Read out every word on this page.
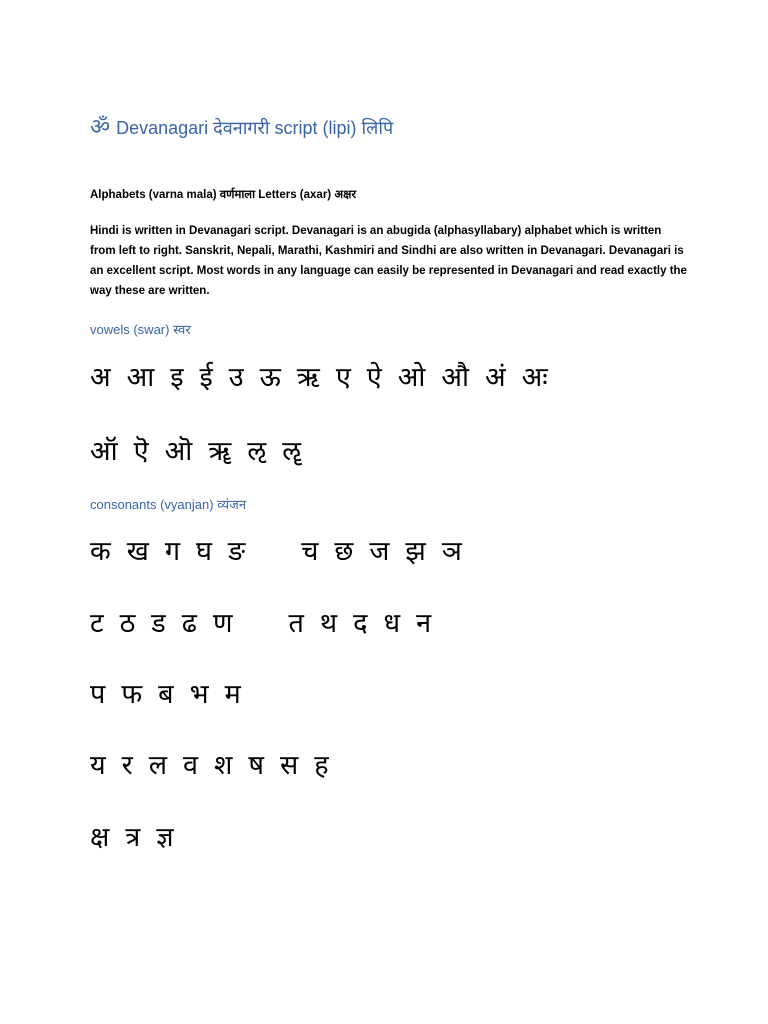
ॐ Devanagari देवनागरी script (lipi) लिपि
Alphabets (varna mala) वर्णमाला Letters (axar) अक्षर
Hindi is written in Devanagari script. Devanagari is an abugida (alphasyllabary) alphabet which is written from left to right. Sanskrit, Nepali, Marathi, Kashmiri and Sindhi are also written in Devanagari. Devanagari is an excellent script. Most words in any language can easily be represented in Devanagari and read exactly the way these are written.
vowels (swar) स्वर
अ आ इ ई उ ऊ ऋ ए ऐ ओ औ अं अः
ऑ ऎ ऒ ॠ ऌ ॡ
consonants (vyanjan) व्यंजन
क ख ग घ ङ च छ ज झ ञ
ट ठ ड ढ ण त थ द ध न
प फ ब भ म
य र ल व श ष स ह
क्ष त्र ज्ञ
